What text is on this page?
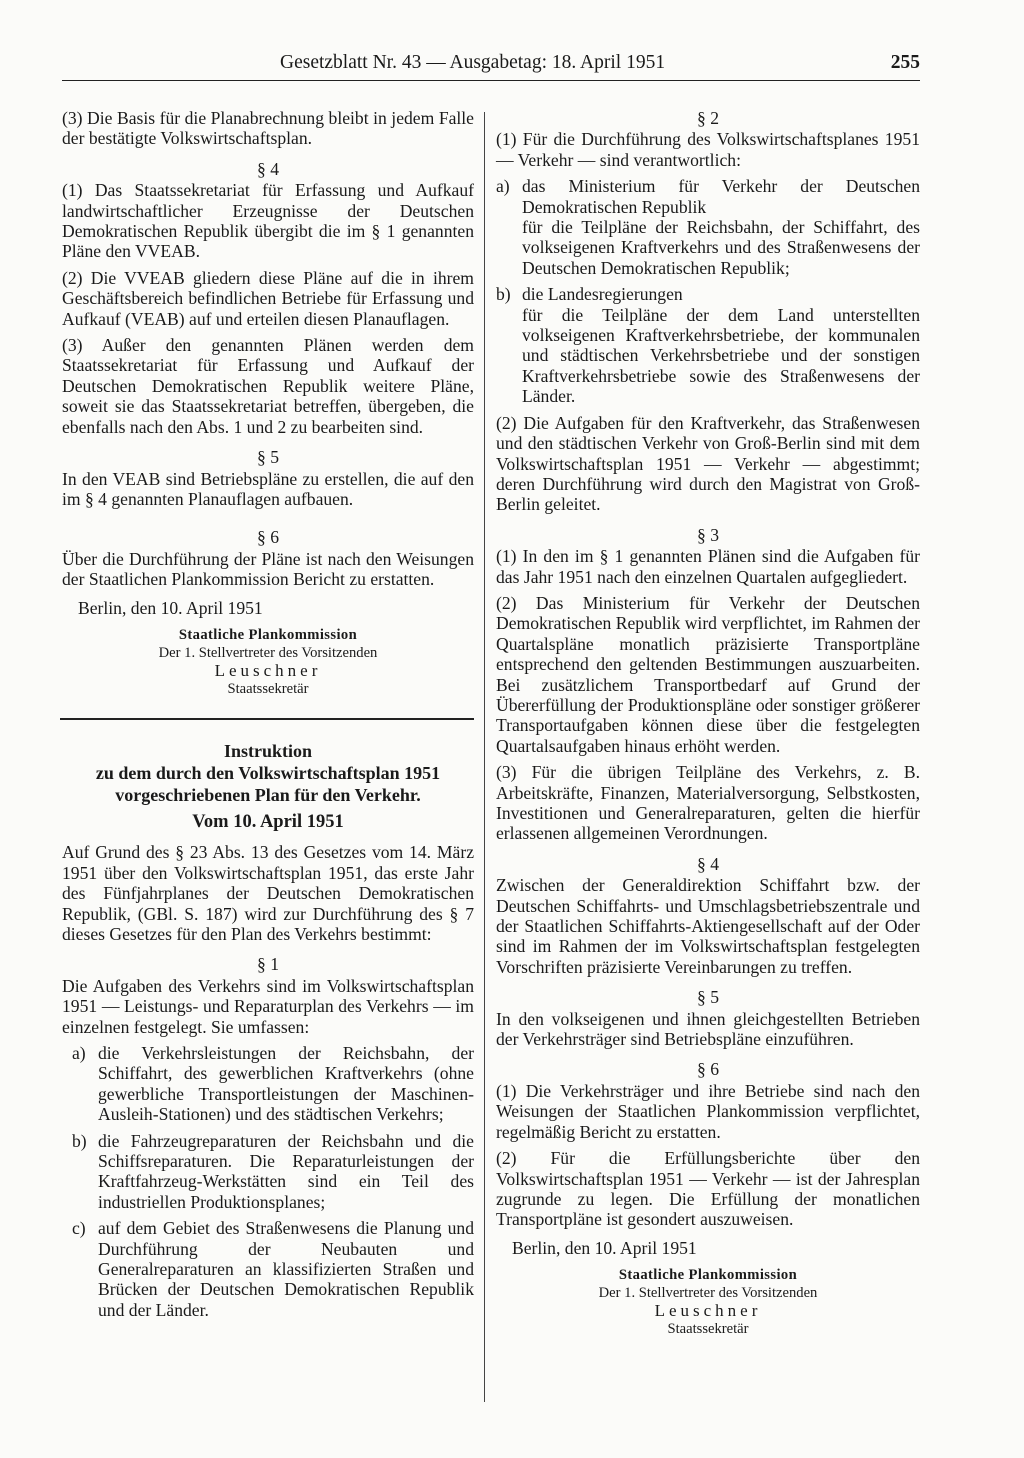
Gesetzblatt Nr. 43 — Ausgabetag: 18. April 1951	255

(3) Die Basis für die Planabrechnung bleibt in jedem Falle der bestätigte Volkswirtschaftsplan.

§ 4

(1) Das Staatssekretariat für Erfassung und Aufkauf landwirtschaftlicher Erzeugnisse der Deutschen Demokratischen Republik übergibt die im § 1 genannten Pläne den VVEAB.

(2) Die VVEAB gliedern diese Pläne auf die in ihrem Geschäftsbereich befindlichen Betriebe für Erfassung und Aufkauf (VEAB) auf und erteilen diesen Planauflagen.

(3) Außer den genannten Plänen werden dem Staatssekretariat für Erfassung und Aufkauf der Deutschen Demokratischen Republik weitere Pläne, soweit sie das Staatssekretariat betreffen, übergeben, die ebenfalls nach den Abs. 1 und 2 zu bearbeiten sind.

§ 5

In den VEAB sind Betriebspläne zu erstellen, die auf den im § 4 genannten Planauflagen aufbauen.

§ 6

Über die Durchführung der Pläne ist nach den Weisungen der Staatlichen Plankommission Bericht zu erstatten.

Berlin, den 10. April 1951
Staatliche Plankommission
Der 1. Stellvertreter des Vorsitzenden
Leuschner
Staatssekretär
Instruktion
zu dem durch den Volkswirtschaftsplan 1951
vorgeschriebenen Plan für den Verkehr.
Vom 10. April 1951

Auf Grund des § 23 Abs. 13 des Gesetzes vom 14. März 1951 über den Volkswirtschaftsplan 1951, das erste Jahr des Fünfjahrplanes der Deutschen Demokratischen Republik, (GBl. S. 187) wird zur Durchführung des § 7 dieses Gesetzes für den Plan des Verkehrs bestimmt:

§ 1

Die Aufgaben des Verkehrs sind im Volkswirtschaftsplan 1951 — Leistungs- und Reparaturplan des Verkehrs — im einzelnen festgelegt. Sie umfassen:

a) die Verkehrsleistungen der Reichsbahn, der Schiffahrt, des gewerblichen Kraftverkehrs (ohne gewerbliche Transportleistungen der Maschinen-Ausleih-Stationen) und des städtischen Verkehrs;
b) die Fahrzeugreparaturen der Reichsbahn und die Schiffsreparaturen. Die Reparaturleistungen der Kraftfahrzeug-Werkstätten sind ein Teil des industriellen Produktionsplanes;
c) auf dem Gebiet des Straßenwesens die Planung und Durchführung der Neubauten und Generalreparaturen an klassifizierten Straßen und Brücken der Deutschen Demokratischen Republik und der Länder.
§ 2

(1) Für die Durchführung des Volkswirtschaftsplanes 1951 — Verkehr — sind verantwortlich:

a) das Ministerium für Verkehr der Deutschen Demokratischen Republik
für die Teilpläne der Reichsbahn, der Schiffahrt, des volkseigenen Kraftverkehrs und des Straßenwesens der Deutschen Demokratischen Republik;
b) die Landesregierungen
für die Teilpläne der dem Land unterstellten volkseigenen Kraftverkehrsbetriebe, der kommunalen und städtischen Verkehrsbetriebe und der sonstigen Kraftverkehrsbetriebe sowie des Straßenwesens der Länder.

(2) Die Aufgaben für den Kraftverkehr, das Straßenwesen und den städtischen Verkehr von Groß-Berlin sind mit dem Volkswirtschaftsplan 1951 — Verkehr — abgestimmt; deren Durchführung wird durch den Magistrat von Groß-Berlin geleitet.

§ 3

(1) In den im § 1 genannten Plänen sind die Aufgaben für das Jahr 1951 nach den einzelnen Quartalen aufgegliedert.

(2) Das Ministerium für Verkehr der Deutschen Demokratischen Republik wird verpflichtet, im Rahmen der Quartalspläne monatlich präzisierte Transportpläne entsprechend den geltenden Bestimmungen auszuarbeiten. Bei zusätzlichem Transportbedarf auf Grund der Übererfüllung der Produktionspläne oder sonstiger größerer Transportaufgaben können diese über die festgelegten Quartalsaufgaben hinaus erhöht werden.

(3) Für die übrigen Teilpläne des Verkehrs, z. B. Arbeitskräfte, Finanzen, Materialversorgung, Selbstkosten, Investitionen und Generalreparaturen, gelten die hierfür erlassenen allgemeinen Verordnungen.

§ 4

Zwischen der Generaldirektion Schiffahrt bzw. der Deutschen Schiffahrts- und Umschlagsbetriebszentrale und der Staatlichen Schiffahrts-Aktiengesellschaft auf der Oder sind im Rahmen der im Volkswirtschaftsplan festgelegten Vorschriften präzisierte Vereinbarungen zu treffen.

§ 5

In den volkseigenen und ihnen gleichgestellten Betrieben der Verkehrsträger sind Betriebspläne einzuführen.

§ 6

(1) Die Verkehrsträger und ihre Betriebe sind nach den Weisungen der Staatlichen Plankommission verpflichtet, regelmäßig Bericht zu erstatten.

(2) Für die Erfüllungsberichte über den Volkswirtschaftsplan 1951 — Verkehr — ist der Jahresplan zugrunde zu legen. Die Erfüllung der monatlichen Transportpläne ist gesondert auszuweisen.

Berlin, den 10. April 1951
Staatliche Plankommission
Der 1. Stellvertreter des Vorsitzenden
Leuschner
Staatssekretär
